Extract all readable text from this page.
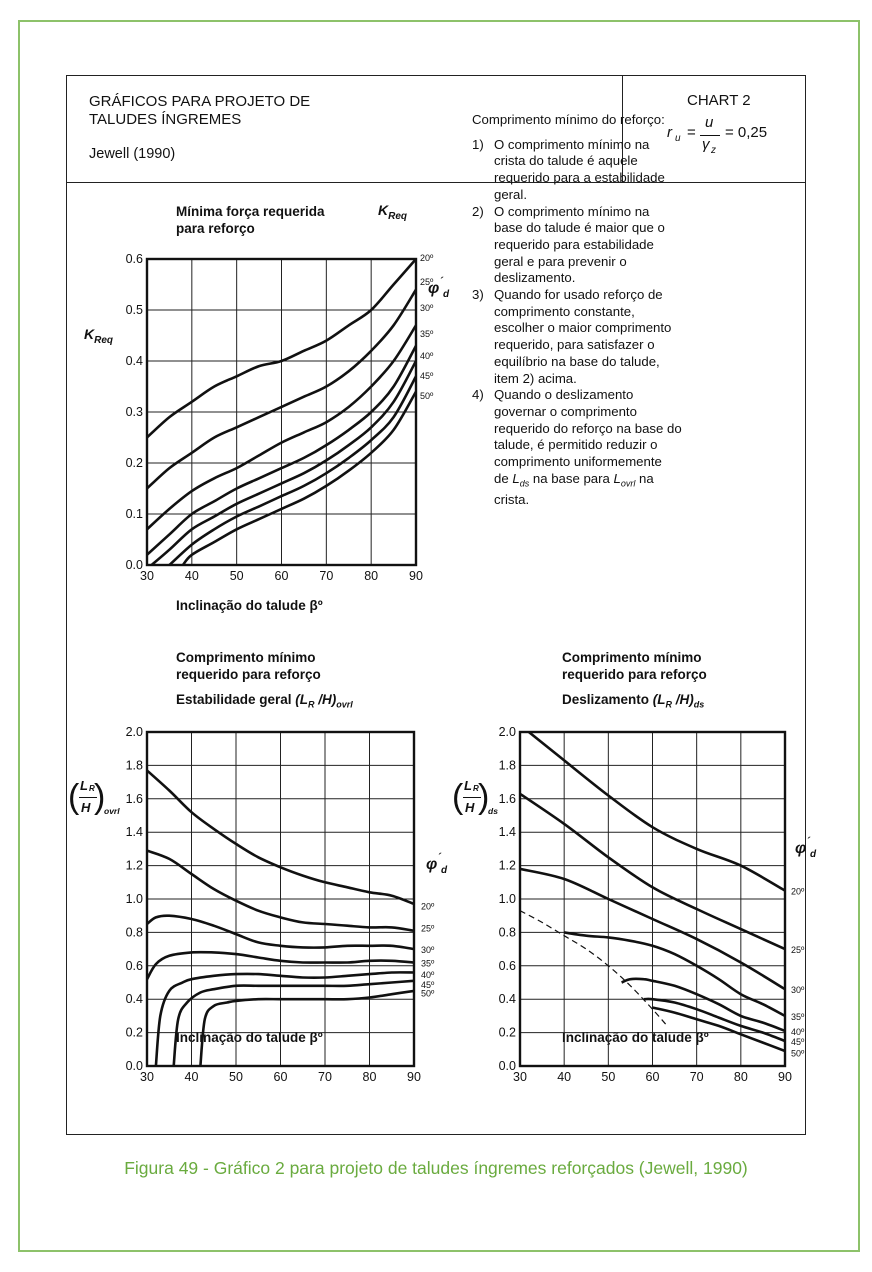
GRÁFICOS PARA PROJETO DE
TALUDES ÍNGREMES
Jewell (1990)
CHART 2
r u =
u
γ z
= 0,25
Comprimento mínimo do reforço:
1) O comprimento mínimo na
crista do talude é aquele
requerido para a estabilidade
geral.
2) O comprimento mínimo na
base do talude é maior que o
requerido para estabilidade
geral e para prevenir o
deslizamento.
3) Quando for usado reforço de
comprimento constante,
escolher o maior comprimento
requerido, para satisfazer o
equilíbrio na base do talude,
item 2) acima.
4) Quando o deslizamento
governar o comprimento
requerido do reforço na base do
talude, é permitido reduzir o
comprimento uniformemente
de $L_{ds}$ na base para $L_{ovrl}$ na
crista.
Mínima força requerida
para reforço
$K_{Req}$
$K_{Req}$
Inclinação do talude βº
$\varphi^´_d$
Comprimento mínimo
requerido para reforço
Estabilidade geral ($L_R$ $/H)_{ovrl}$
Inclinação do talude βº
$\varphi^´_d$
Comprimento mínimo
requerido para reforço
Deslizamento ($L_R$ $/H)_{ds}$
Inclinação do talude βº
$\varphi^´_d$
( L R
H )
ovrl	( L R
H )
ds
30 40 50 60 70 80 90
0.0
0.1
0.2
0.3
0.4
0.5
0.6	20º
25º
30º
35º
40º
45º
50º
30 40 50 60 70 80 90
0.0
0.2
0.4
0.6
0.8
1.0
1.2
1.4
1.6
1.8
2.0
20º
25º
30º
35º
40º
45º
50º
30 40 50 60 70 80 90
0.0
0.2
0.4
0.6
0.8
1.0
1.2
1.4
1.6
1.8
2.0
20º
25º
30º
35º
40º
45º
50º
Figura 49 - Gráfico 2 para projeto de taludes íngremes reforçados (Jewell, 1990)
